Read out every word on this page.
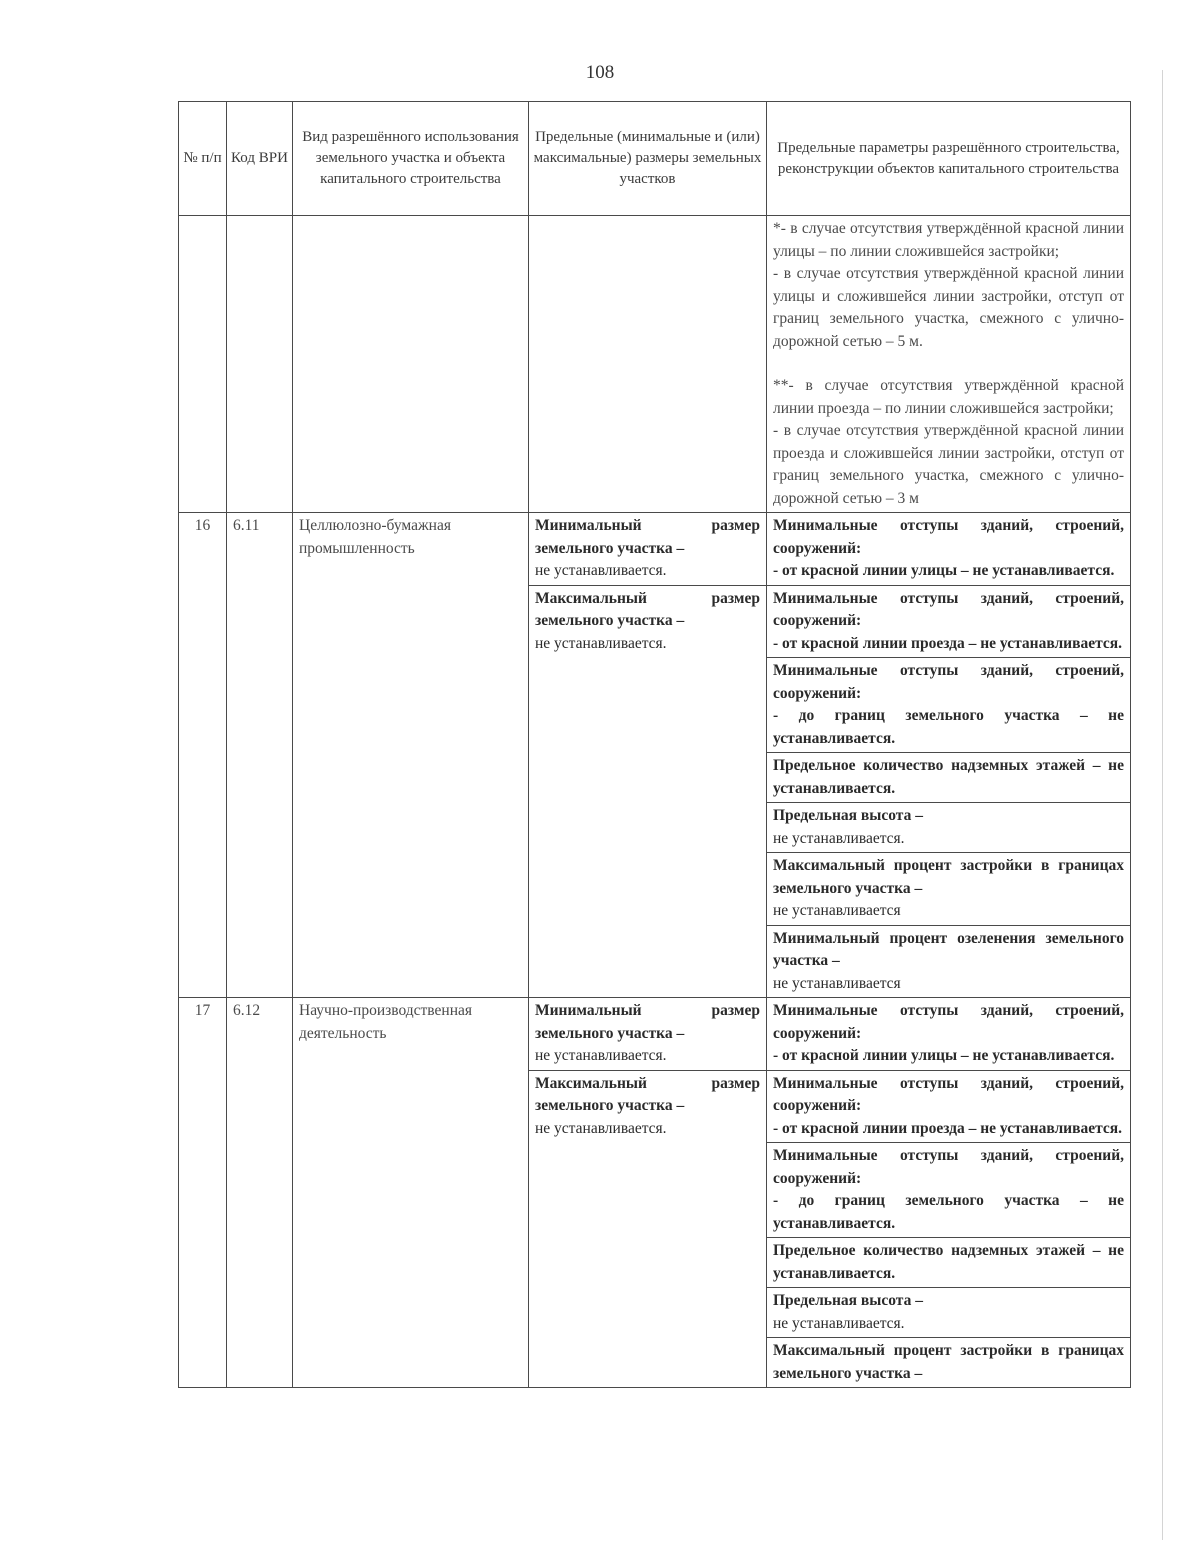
108
№ п/п	Код ВРИ	Вид разрешённого использования земельного участка и объекта капитального строительства	Предельные (минимальные и (или) максимальные) размеры земельных участков	Предельные параметры разрешённого строительства, реконструкции объектов капитального строительства

				*- в случае отсутствия утверждённой красной линии улицы – по линии сложившейся застройки;

- в случае отсутствия утверждённой красной линии улицы и сложившейся линии застройки, отступ от границ земельного участка, смежного с улично-дорожной сетью – 5 м.

**- в случае отсутствия утверждённой красной линии проезда – по линии сложившейся застройки;

- в случае отсутствия утверждённой красной линии проезда и сложившейся линии застройки, отступ от границ земельного участка, смежного с улично-дорожной сетью – 3 м

16	6.11	Целлюлозно-бумажная промышленность	Минимальный размер земельного участка –
не устанавливается.	Минимальные отступы зданий, строений, сооружений:
- от красной линии улицы – не устанавливается.
			Максимальный размер земельного участка –
не устанавливается.	Минимальные отступы зданий, строений, сооружений:
- от красной линии проезда – не устанавливается.
				Минимальные отступы зданий, строений, сооружений:
- до границ земельного участка – не устанавливается.
				Предельное количество надземных этажей – не устанавливается.
				Предельная высота –
не устанавливается.
				Максимальный процент застройки в границах земельного участка –
не устанавливается
				Минимальный процент озеленения земельного участка –
не устанавливается
17	6.12	Научно-производственная деятельность	Минимальный размер земельного участка –
не устанавливается.	Минимальные отступы зданий, строений, сооружений:
- от красной линии улицы – не устанавливается.
			Максимальный размер земельного участка –
не устанавливается.	Минимальные отступы зданий, строений, сооружений:
- от красной линии проезда – не устанавливается.
				Минимальные отступы зданий, строений, сооружений:
- до границ земельного участка – не устанавливается.
				Предельное количество надземных этажей – не устанавливается.
				Предельная высота –
не устанавливается.
				Максимальный процент застройки в границах земельного участка –
